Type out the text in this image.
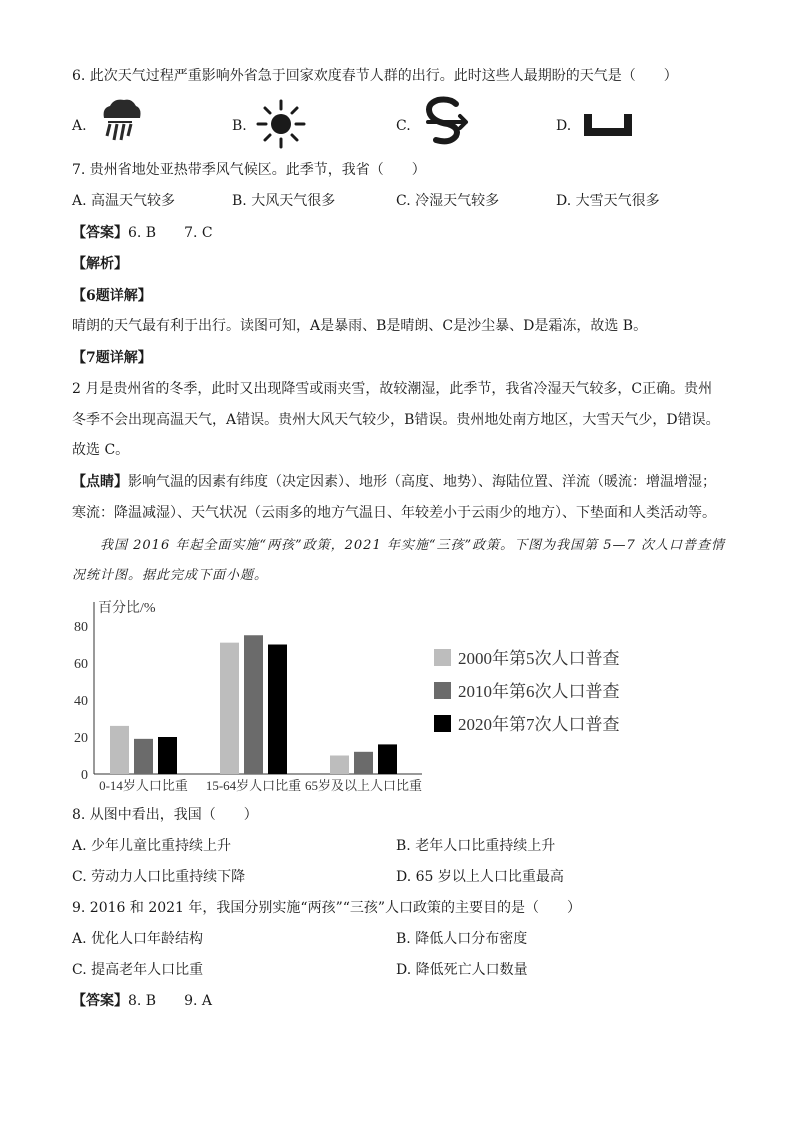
6. 此次天气过程严重影响外省急于回家欢度春节人群的出行。此时这些人最期盼的天气是（　　）
A.	B.	C.	D.
7. 贵州省地处亚热带季风气候区。此季节，我省（　　）
A. 高温天气较多	B. 大风天气很多	C. 冷湿天气较多	D. 大雪天气很多
【答案】6. B　　7. C
【解析】
【6题详解】
晴朗的天气最有利于出行。读图可知，A是暴雨、B是晴朗、C是沙尘暴、D是霜冻，故选 B。
【7题详解】
2 月是贵州省的冬季，此时又出现降雪或雨夹雪，故较潮湿，此季节，我省冷湿天气较多，C正确。贵州
冬季不会出现高温天气，A错误。贵州大风天气较少，B错误。贵州地处南方地区，大雪天气少，D错误。
故选 C。
【点睛】影响气温的因素有纬度（决定因素）、地形（高度、地势）、海陆位置、洋流（暖流：增温增湿；
寒流：降温减湿）、天气状况（云雨多的地方气温日、年较差小于云雨少的地方）、下垫面和人类活动等。
我国 2016 年起全面实施“两孩”政策，2021 年实施“三孩”政策。下图为我国第 5—7 次人口普查情
况统计图。据此完成下面小题。
百分比/%
80
60
40
20
0
0-14岁人口比重 15-64岁人口比重 65岁及以上人口比重
2000年第5次人口普查
2010年第6次人口普查
2020年第7次人口普查
8. 从图中看出，我国（　　）
A. 少年儿童比重持续上升	B. 老年人口比重持续上升
C. 劳动力人口比重持续下降	D. 65 岁以上人口比重最高
9. 2016 和 2021 年，我国分别实施“两孩”“三孩”人口政策的主要目的是（　　）
A. 优化人口年龄结构	B. 降低人口分布密度
C. 提高老年人口比重	D. 降低死亡人口数量
【答案】8. B　　9. A
